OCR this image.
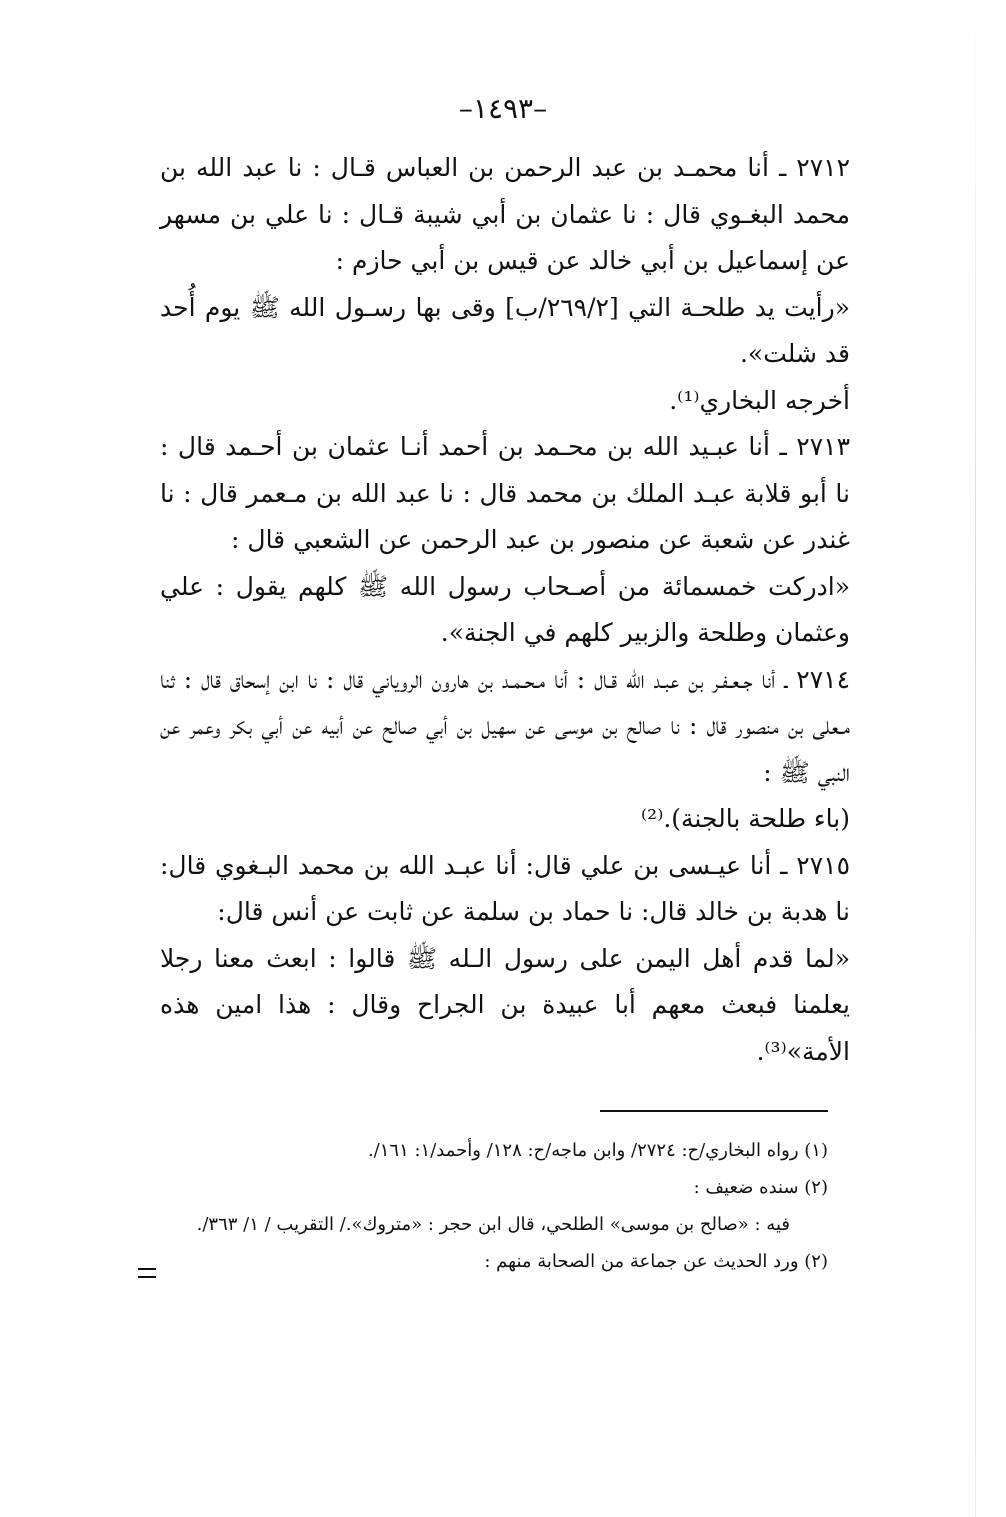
–١٤٩٣–

٢٧١٢ ـ أنا محمـد بن عبد الرحمن بن العباس قـال : نا عبد الله بن محمد البغـوي قال : نا عثمان بن أبي شيبة قـال : نا علي بن مسهر عن إسماعيل بن أبي خالد عن قيس بن أبي حازم :

«رأيت يد طلحـة التي [٢٦٩/٢/ب] وقى بها رسـول الله ﷺ يوم أُحد قد شلت».

أخرجه البخاري⁽¹⁾.

٢٧١٣ ـ أنا عبـيد الله بن محـمد بن أحمد أنـا عثمان بن أحـمد قال : نا أبو قلابة عبـد الملك بن محمد قال : نا عبد الله بن مـعمر قال : نا غندر عن شعبة عن منصور بن عبد الرحمن عن الشعبي قال :

«ادركت خمسمائة من أصـحاب رسول الله ﷺ كلهم يقول : علي وعثمان وطلحة والزبير كلهم في الجنة».

٢٧١٤ ـ أنا جـعـفـر بن عبـد الله قـال : أنا مـحـمـد بن هارون الروياني قال : نا ابن إسحاق قال : ثنا مـعلى بن منصور قال : نا صالح بن موسى عن سهيل بن أبي صالح عن أبيه عن أبي بكر وعمر عن النبي ﷺ :

(باء طلحة بالجنة).⁽²⁾

٢٧١٥ ـ أنا عيـسى بن علي قال: أنا عبـد الله بن محمد البـغوي قال: نا هدبة بن خالد قال: نا حماد بن سلمة عن ثابت عن أنس قال:

«لما قدم أهل اليمن على رسول الـله ﷺ قالوا : ابعث معنا رجلا يعلمنا فبعث معهم أبا عبيدة بن الجراح وقال : هذا امين هذه الأمة»⁽³⁾.

(١) رواه البخاري/ح: ٢٧٢٤/ وابن ماجه/ح: ١٢٨/ وأحمد/١: ١٦١/.

(٢) سنده ضعيف :

فيه : «صالح بن موسى» الطلحي، قال ابن حجر : «متروك»./ التقريب / ١/ ٣٦٣/.

(٢) ورد الحديث عن جماعة من الصحابة منهم :
